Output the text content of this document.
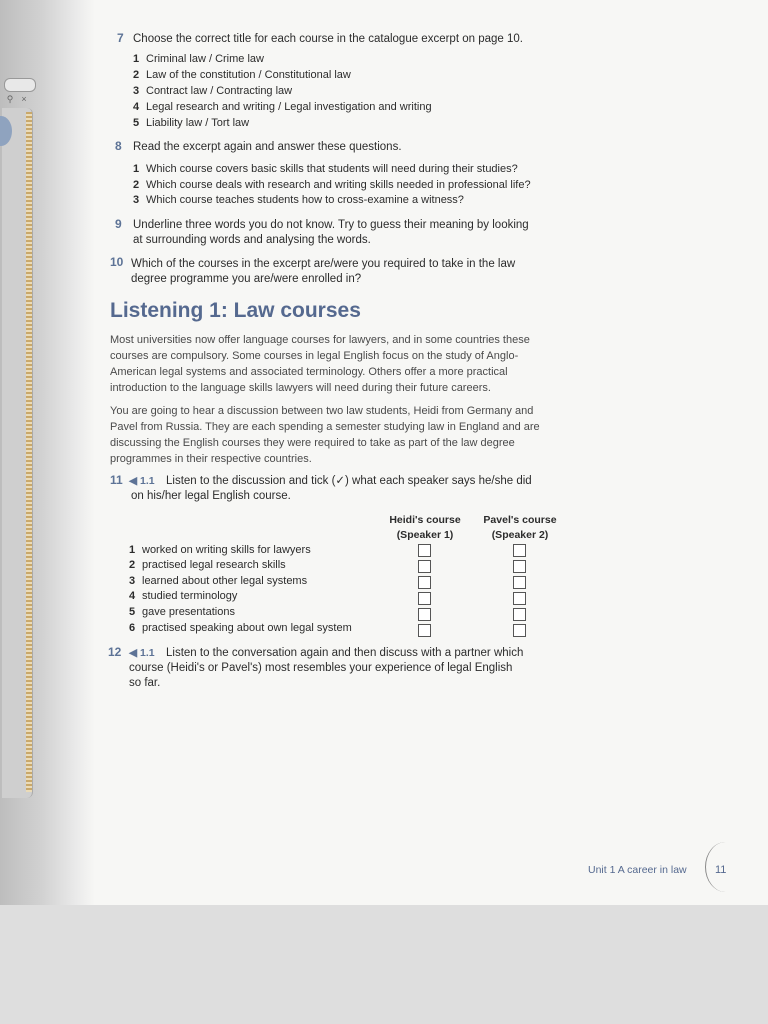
⚲ ×
7 Choose the correct title for each course in the catalogue excerpt on page 10.
1 Criminal law / Crime law
2 Law of the constitution / Constitutional law
3 Contract law / Contracting law
4 Legal research and writing / Legal investigation and writing
5 Liability law / Tort law
8 Read the excerpt again and answer these questions.
1 Which course covers basic skills that students will need during their studies?
2 Which course deals with research and writing skills needed in professional life?
3 Which course teaches students how to cross-examine a witness?
9 Underline three words you do not know. Try to guess their meaning by looking
at surrounding words and analysing the words.
10 Which of the courses in the excerpt are/were you required to take in the law
degree programme you are/were enrolled in?
Listening 1: Law courses
Most universities now offer language courses for lawyers, and in some countries these
courses are compulsory. Some courses in legal English focus on the study of Anglo-
American legal systems and associated terminology. Others offer a more practical
introduction to the language skills lawyers will need during their future careers.
You are going to hear a discussion between two law students, Heidi from Germany and
Pavel from Russia. They are each spending a semester studying law in England and are
discussing the English courses they were required to take as part of the law degree
programmes in their respective countries.
11 ◀ 1.1 Listen to the discussion and tick (✓) what each speaker says he/she did
on his/her legal English course.
Heidi's course
(Speaker 1)
Pavel's course
(Speaker 2)
1 worked on writing skills for lawyers
2 practised legal research skills
3 learned about other legal systems
4 studied terminology
5 gave presentations
6 practised speaking about own legal system
12 ◀ 1.1 Listen to the conversation again and then discuss with a partner which
course (Heidi's or Pavel's) most resembles your experience of legal English
so far.
Unit 1 A career in law	11
